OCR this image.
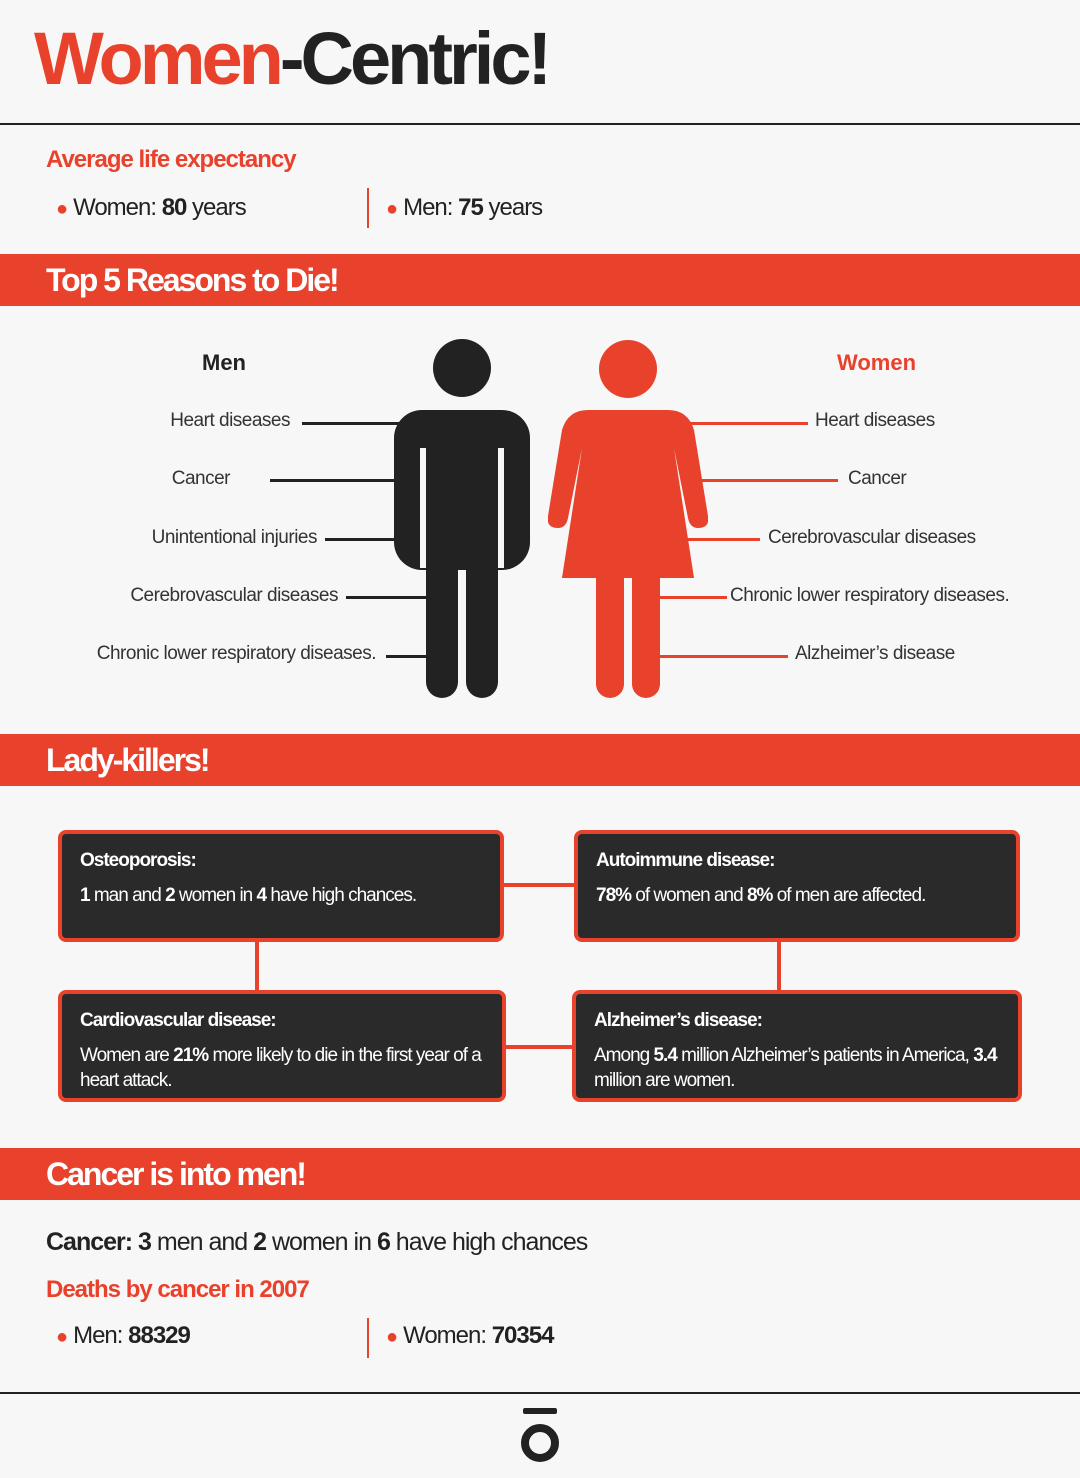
Women-Centric!
Average life expectancy
● Women: 80 years	● Men: 75 years
Top 5 Reasons to Die!
Men	Women
Heart diseases
Cancer
Unintentional injuries
Cerebrovascular diseases
Chronic lower respiratory diseases.
Heart diseases
Cancer
Cerebrovascular diseases
Chronic lower respiratory diseases.
Alzheimer’s disease
Lady-killers!
Osteoporosis:
1 man and 2 women in 4 have high chances.
Autoimmune disease:
78% of women and 8% of men are affected.
Cardiovascular disease:
Women are 21% more likely to die in the first year of a heart attack.
Alzheimer’s disease:
Among 5.4 million Alzheimer’s patients in America, 3.4 million are women.
Cancer is into men!
Cancer: 3 men and 2 women in 6 have high chances
Deaths by cancer in 2007
● Men: 88329	● Women: 70354
